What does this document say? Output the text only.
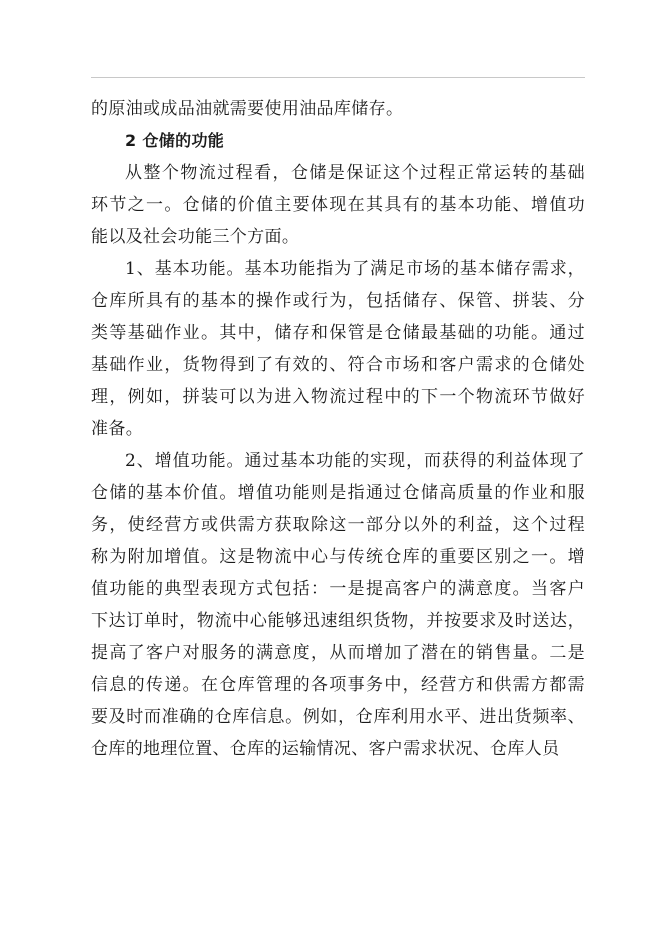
的原油或成品油就需要使用油品库储存。
2 仓储的功能
从整个物流过程看，仓储是保证这个过程正常运转的基础
环节之一。仓储的价值主要体现在其具有的基本功能、增值功
能以及社会功能三个方面。
1、基本功能。基本功能指为了满足市场的基本储存需求，
仓库所具有的基本的操作或行为，包括储存、保管、拼装、分
类等基础作业。其中，储存和保管是仓储最基础的功能。通过
基础作业，货物得到了有效的、符合市场和客户需求的仓储处
理，例如，拼装可以为进入物流过程中的下一个物流环节做好
准备。
2、增值功能。通过基本功能的实现，而获得的利益体现了
仓储的基本价值。增值功能则是指通过仓储高质量的作业和服
务，使经营方或供需方获取除这一部分以外的利益，这个过程
称为附加增值。这是物流中心与传统仓库的重要区别之一。增
值功能的典型表现方式包括：一是提高客户的满意度。当客户
下达订单时，物流中心能够迅速组织货物，并按要求及时送达，
提高了客户对服务的满意度，从而增加了潜在的销售量。二是
信息的传递。在仓库管理的各项事务中，经营方和供需方都需
要及时而准确的仓库信息。例如，仓库利用水平、进出货频率、
仓库的地理位置、仓库的运输情况、客户需求状况、仓库人员
